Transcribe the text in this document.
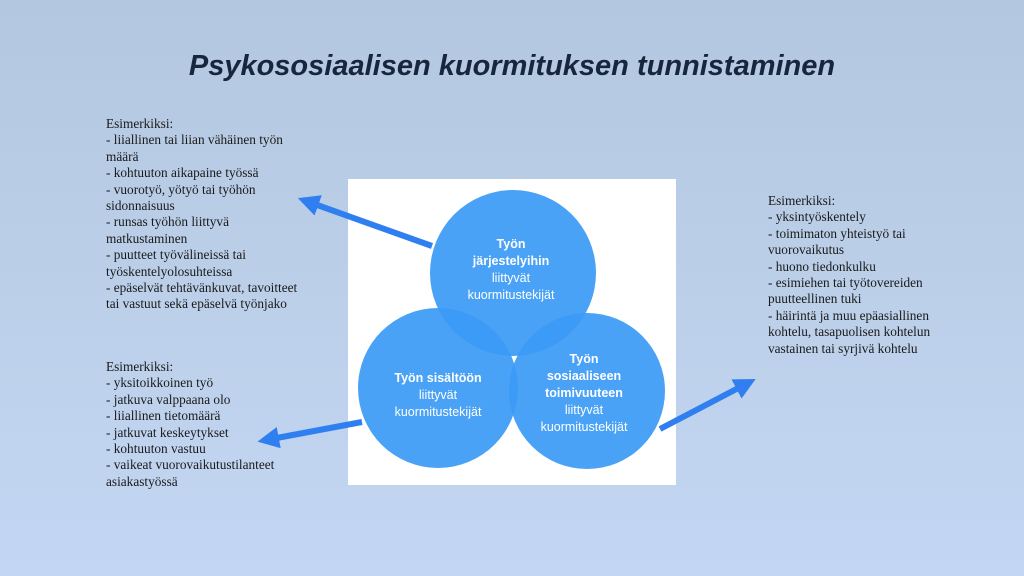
Psykososiaalisen kuormituksen tunnistaminen
Esimerkiksi:
- liiallinen tai liian vähäinen työn määrä
- kohtuuton aikapaine työssä
- vuorotyö, yötyö tai työhön sidonnaisuus
- runsas työhön liittyvä matkustaminen
- puutteet työvälineissä tai työskentelyolosuhteissa
- epäselvät tehtävänkuvat, tavoitteet tai vastuut sekä epäselvä työnjako
Esimerkiksi:
- yksitoikkoinen työ
- jatkuva valppaana olo
- liiallinen tietomäärä
- jatkuvat keskeytykset
- kohtuuton vastuu
- vaikeat vuorovaikutustilanteet asiakastyössä
Esimerkiksi:
- yksintyöskentely
- toimimaton yhteistyö tai vuorovaikutus
- huono tiedonkulku
- esimiehen tai työtovereiden puutteellinen tuki
- häirintä ja muu epäasiallinen kohtelu, tasapuolisen kohtelun vastainen tai syrjivä kohtelu
Työn
järjestelyihin
liittyvät
kuormitustekijät
Työn sisältöön
liittyvät
kuormitustekijät
Työn
sosiaaliseen
toimivuuteen
liittyvät
kuormitustekijät
